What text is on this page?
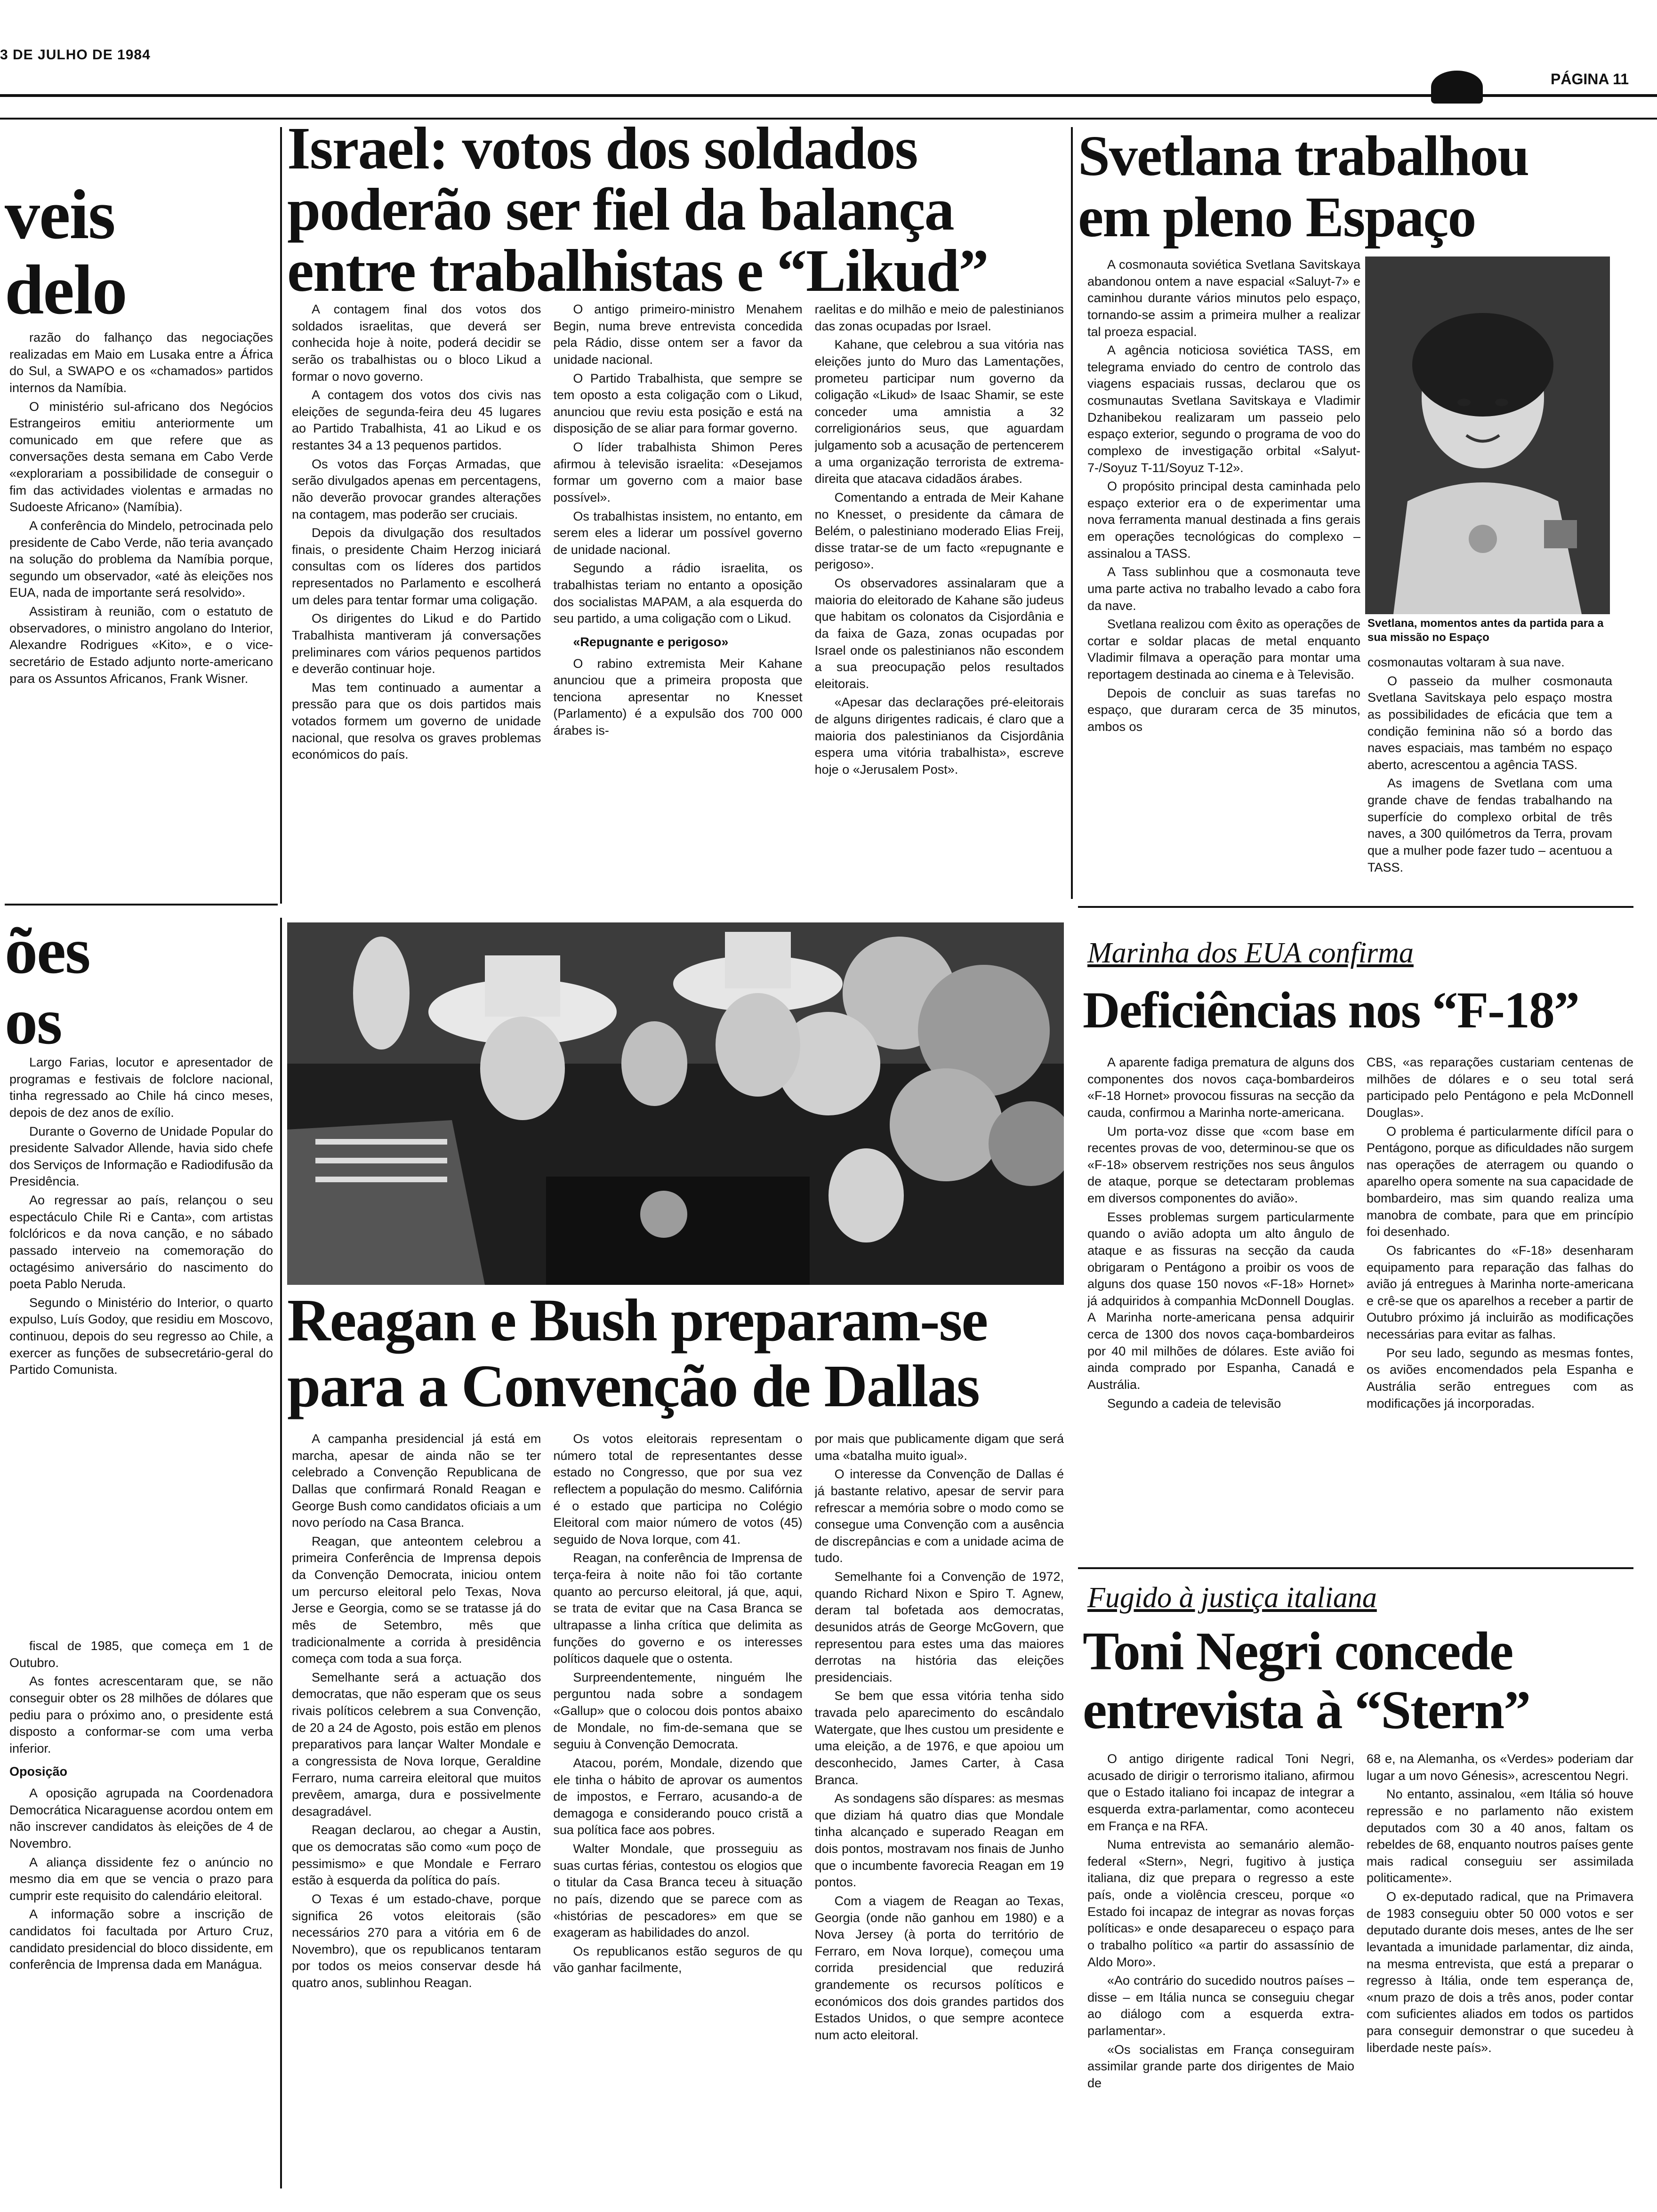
3 DE JULHO DE 1984
PÁGINA 11
veis
delo

razão do falhanço das negociações realizadas em Maio em Lusaka entre a África do Sul, a SWAPO e os «chamados» partidos internos da Namíbia.

O ministério sul-africano dos Negócios Estrangeiros emitiu anteriormente um comunicado em que refere que as conversações desta semana em Cabo Verde «explorariam a possibilidade de conseguir o fim das actividades violentas e armadas no Sudoeste Africano» (Namíbia).

A conferência do Mindelo, petrocinada pelo presidente de Cabo Verde, não teria avançado na solução do problema da Namíbia porque, segundo um observador, «até às eleições nos EUA, nada de importante será resolvido».

Assistiram à reunião, com o estatuto de observadores, o ministro angolano do Interior, Alexandre Rodrigues «Kito», e o vice-secretário de Estado adjunto norte-americano para os Assuntos Africanos, Frank Wisner.

ões
os

Largo Farias, locutor e apresentador de programas e festivais de folclore nacional, tinha regressado ao Chile há cinco meses, depois de dez anos de exílio.

Durante o Governo de Unidade Popular do presidente Salvador Allende, havia sido chefe dos Serviços de Informação e Radiodifusão da Presidência.

Ao regressar ao país, relançou o seu espectáculo Chile Ri e Canta», com artistas folclóricos e da nova canção, e no sábado passado interveio na comemoração do octagésimo aniversário do nascimento do poeta Pablo Neruda.

Segundo o Ministério do Interior, o quarto expulso, Luís Godoy, que residiu em Moscovo, continuou, depois do seu regresso ao Chile, a exercer as funções de subsecretário-geral do Partido Comunista.

fiscal de 1985, que começa em 1 de Outubro.

As fontes acrescentaram que, se não conseguir obter os 28 milhões de dólares que pediu para o próximo ano, o presidente está disposto a conformar-se com uma verba inferior.

Oposição

A oposição agrupada na Coordenadora Democrática Nicaraguense acordou ontem em não inscrever candidatos às eleições de 4 de Novembro.

A aliança dissidente fez o anúncio no mesmo dia em que se vencia o prazo para cumprir este requisito do calendário eleitoral.

A informação sobre a inscrição de candidatos foi facultada por Arturo Cruz, candidato presidencial do bloco dissidente, em conferência de Imprensa dada em Manágua.

Israel: votos dos soldados
poderão ser fiel da balança
entre trabalhistas e “Likud”

A contagem final dos votos dos soldados israelitas, que deverá ser conhecida hoje à noite, poderá decidir se serão os trabalhistas ou o bloco Likud a formar o novo governo.

A contagem dos votos dos civis nas eleições de segunda-feira deu 45 lugares ao Partido Trabalhista, 41 ao Likud e os restantes 34 a 13 pequenos partidos.

Os votos das Forças Armadas, que serão divulgados apenas em percentagens, não deverão provocar grandes alterações na contagem, mas poderão ser cruciais.

Depois da divulgação dos resultados finais, o presidente Chaim Herzog iniciará consultas com os líderes dos partidos representados no Parlamento e escolherá um deles para tentar formar uma coligação.

Os dirigentes do Likud e do Partido Trabalhista mantiveram já conversações preliminares com vários pequenos partidos e deverão continuar hoje.

Mas tem continuado a aumentar a pressão para que os dois partidos mais votados formem um governo de unidade nacional, que resolva os graves problemas económicos do país.

O antigo primeiro-ministro Menahem Begin, numa breve entrevista concedida pela Rádio, disse ontem ser a favor da unidade nacional.

O Partido Trabalhista, que sempre se tem oposto a esta coligação com o Likud, anunciou que reviu esta posição e está na disposição de se aliar para formar governo.

O líder trabalhista Shimon Peres afirmou à televisão israelita: «Desejamos formar um governo com a maior base possível».

Os trabalhistas insistem, no entanto, em serem eles a liderar um possível governo de unidade nacional.

Segundo a rádio israelita, os trabalhistas teriam no entanto a oposição dos socialistas MAPAM, a ala esquerda do seu partido, a uma coligação com o Likud.

«Repugnante e perigoso»

O rabino extremista Meir Kahane anunciou que a primeira proposta que tenciona apresentar no Knesset (Parlamento) é a expulsão dos 700 000 árabes is-

raelitas e do milhão e meio de palestinianos das zonas ocupadas por Israel.

Kahane, que celebrou a sua vitória nas eleições junto do Muro das Lamentações, prometeu participar num governo da coligação «Likud» de Isaac Shamir, se este conceder uma amnistia a 32 correligionários seus, que aguardam julgamento sob a acusação de pertencerem a uma organização terrorista de extrema-direita que atacava cidadãos árabes.

Comentando a entrada de Meir Kahane no Knesset, o presidente da câmara de Belém, o palestiniano moderado Elias Freij, disse tratar-se de um facto «repugnante e perigoso».

Os observadores assinalaram que a maioria do eleitorado de Kahane são judeus que habitam os colonatos da Cisjordânia e da faixa de Gaza, zonas ocupadas por Israel onde os palestinianos não escondem a sua preocupação pelos resultados eleitorais.

«Apesar das declarações pré-eleitorais de alguns dirigentes radicais, é claro que a maioria dos palestinianos da Cisjordânia espera uma vitória trabalhista», escreve hoje o «Jerusalem Post».

Svetlana trabalhou
em pleno Espaço

A cosmonauta soviética Svetlana Savitskaya abandonou ontem a nave espacial «Saluyt-7» e caminhou durante vários minutos pelo espaço, tornando-se assim a primeira mulher a realizar tal proeza espacial.

A agência noticiosa soviética TASS, em telegrama enviado do centro de controlo das viagens espaciais russas, declarou que os cosmunautas Svetlana Savitskaya e Vladimir Dzhanibekou realizaram um passeio pelo espaço exterior, segundo o programa de voo do complexo de investigação orbital «Salyut-7-/Soyuz T-11/Soyuz T-12».

O propósito principal desta caminhada pelo espaço exterior era o de experimentar uma nova ferramenta manual destinada a fins gerais em operações tecnológicas do complexo – assinalou a TASS.

A Tass sublinhou que a cosmonauta teve uma parte activa no trabalho levado a cabo fora da nave.

Svetlana realizou com êxito as operações de cortar e soldar placas de metal enquanto Vladimir filmava a operação para montar uma reportagem destinada ao cinema e à Televisão.

Depois de concluir as suas tarefas no espaço, que duraram cerca de 35 minutos, ambos os

Svetlana, momentos antes da partida para a sua missão no Espaço

cosmonautas voltaram à sua nave.

O passeio da mulher cosmonauta Svetlana Savitskaya pelo espaço mostra as possibilidades de eficácia que tem a condição feminina não só a bordo das naves espaciais, mas também no espaço aberto, acrescentou a agência TASS.

As imagens de Svetlana com uma grande chave de fendas trabalhando na superfície do complexo orbital de três naves, a 300 quilómetros da Terra, provam que a mulher pode fazer tudo – acentuou a TASS.

Reagan e Bush preparam-se
para a Convenção de Dallas

A campanha presidencial já está em marcha, apesar de ainda não se ter celebrado a Convenção Republicana de Dallas que confirmará Ronald Reagan e George Bush como candidatos oficiais a um novo período na Casa Branca.

Reagan, que anteontem celebrou a primeira Conferência de Imprensa depois da Convenção Democrata, iniciou ontem um percurso eleitoral pelo Texas, Nova Jerse e Georgia, como se se tratasse já do mês de Setembro, mês que tradicionalmente a corrida à presidência começa com toda a sua força.

Semelhante será a actuação dos democratas, que não esperam que os seus rivais políticos celebrem a sua Convenção, de 20 a 24 de Agosto, pois estão em plenos preparativos para lançar Walter Mondale e a congressista de Nova Iorque, Geraldine Ferraro, numa carreira eleitoral que muitos prevêem, amarga, dura e possivelmente desagradável.

Reagan declarou, ao chegar a Austin, que os democratas são como «um poço de pessimismo» e que Mondale e Ferraro estão à esquerda da política do país.

O Texas é um estado-chave, porque significa 26 votos eleitorais (são necessários 270 para a vitória em 6 de Novembro), que os republicanos tentaram por todos os meios conservar desde há quatro anos, sublinhou Reagan.

Os votos eleitorais representam o número total de representantes desse estado no Congresso, que por sua vez reflectem a população do mesmo. Califórnia é o estado que participa no Colégio Eleitoral com maior número de votos (45) seguido de Nova Iorque, com 41.

Reagan, na conferência de Imprensa de terça-feira à noite não foi tão cortante quanto ao percurso eleitoral, já que, aqui, se trata de evitar que na Casa Branca se ultrapasse a linha crítica que delimita as funções do governo e os interesses políticos daquele que o ostenta.

Surpreendentemente, ninguém lhe perguntou nada sobre a sondagem «Gallup» que o colocou dois pontos abaixo de Mondale, no fim-de-semana que se seguiu à Convenção Democrata.

Atacou, porém, Mondale, dizendo que ele tinha o hábito de aprovar os aumentos de impostos, e Ferraro, acusando-a de demagoga e considerando pouco cristã a sua política face aos pobres.

Walter Mondale, que prosseguiu as suas curtas férias, contestou os elogios que o titular da Casa Branca teceu à situação no país, dizendo que se parece com as «histórias de pescadores» em que se exageram as habilidades do anzol.

Os republicanos estão seguros de qu vão ganhar facilmente,

por mais que publicamente digam que será uma «batalha muito igual».

O interesse da Convenção de Dallas é já bastante relativo, apesar de servir para refrescar a memória sobre o modo como se consegue uma Convenção com a ausência de discrepâncias e com a unidade acima de tudo.

Semelhante foi a Convenção de 1972, quando Richard Nixon e Spiro T. Agnew, deram tal bofetada aos democratas, desunidos atrás de George McGovern, que representou para estes uma das maiores derrotas na história das eleições presidenciais.

Se bem que essa vitória tenha sido travada pelo aparecimento do escândalo Watergate, que lhes custou um presidente e uma eleição, a de 1976, e que apoiou um desconhecido, James Carter, à Casa Branca.

As sondagens são díspares: as mesmas que diziam há quatro dias que Mondale tinha alcançado e superado Reagan em dois pontos, mostravam nos finais de Junho que o incumbente favorecia Reagan em 19 pontos.

Com a viagem de Reagan ao Texas, Georgia (onde não ganhou em 1980) e a Nova Jersey (à porta do território de Ferraro, em Nova Iorque), começou uma corrida presidencial que reduzirá grandemente os recursos políticos e económicos dos dois grandes partidos dos Estados Unidos, o que sempre acontece num acto eleitoral.

Marinha dos EUA confirma
Deficiências nos “F-18”

A aparente fadiga prematura de alguns dos componentes dos novos caça-bombardeiros «F-18 Hornet» provocou fissuras na secção da cauda, confirmou a Marinha norte-americana.

Um porta-voz disse que «com base em recentes provas de voo, determinou-se que os «F-18» observem restrições nos seus ângulos de ataque, porque se detectaram problemas em diversos componentes do avião».

Esses problemas surgem particularmente quando o avião adopta um alto ângulo de ataque e as fissuras na secção da cauda obrigaram o Pentágono a proibir os voos de alguns dos quase 150 novos «F-18» Hornet» já adquiridos à companhia McDonnell Douglas. A Marinha norte-americana pensa adquirir cerca de 1300 dos novos caça-bombardeiros por 40 mil milhões de dólares. Este avião foi ainda comprado por Espanha, Canadá e Austrália.

Segundo a cadeia de televisão

CBS, «as reparações custariam centenas de milhões de dólares e o seu total será participado pelo Pentágono e pela McDonnell Douglas».

O problema é particularmente difícil para o Pentágono, porque as dificuldades não surgem nas operações de aterragem ou quando o aparelho opera somente na sua capacidade de bombardeiro, mas sim quando realiza uma manobra de combate, para que em princípio foi desenhado.

Os fabricantes do «F-18» desenharam equipamento para reparação das falhas do avião já entregues à Marinha norte-americana e crê-se que os aparelhos a receber a partir de Outubro próximo já incluirão as modificações necessárias para evitar as falhas.

Por seu lado, segundo as mesmas fontes, os aviões encomendados pela Espanha e Austrália serão entregues com as modificações já incorporadas.

Fugido à justiça italiana
Toni Negri concede
entrevista à “Stern”

O antigo dirigente radical Toni Negri, acusado de dirigir o terrorismo italiano, afirmou que o Estado italiano foi incapaz de integrar a esquerda extra-parlamentar, como aconteceu em França e na RFA.

Numa entrevista ao semanário alemão-federal «Stern», Negri, fugitivo à justiça italiana, diz que prepara o regresso a este país, onde a violência cresceu, porque «o Estado foi incapaz de integrar as novas forças políticas» e onde desapareceu o espaço para o trabalho político «a partir do assassínio de Aldo Moro».

«Ao contrário do sucedido noutros países – disse – em Itália nunca se conseguiu chegar ao diálogo com a esquerda extra-parlamentar».

«Os socialistas em França conseguiram assimilar grande parte dos dirigentes de Maio de

68 e, na Alemanha, os «Verdes» poderiam dar lugar a um novo Génesis», acrescentou Negri.

No entanto, assinalou, «em Itália só houve repressão e no parlamento não existem deputados com 30 a 40 anos, faltam os rebeldes de 68, enquanto noutros países gente mais radical conseguiu ser assimilada politicamente».

O ex-deputado radical, que na Primavera de 1983 conseguiu obter 50 000 votos e ser deputado durante dois meses, antes de lhe ser levantada a imunidade parlamentar, diz ainda, na mesma entrevista, que está a preparar o regresso à Itália, onde tem esperança de, «num prazo de dois a três anos, poder contar com suficientes aliados em todos os partidos para conseguir demonstrar o que sucedeu à liberdade neste país».
